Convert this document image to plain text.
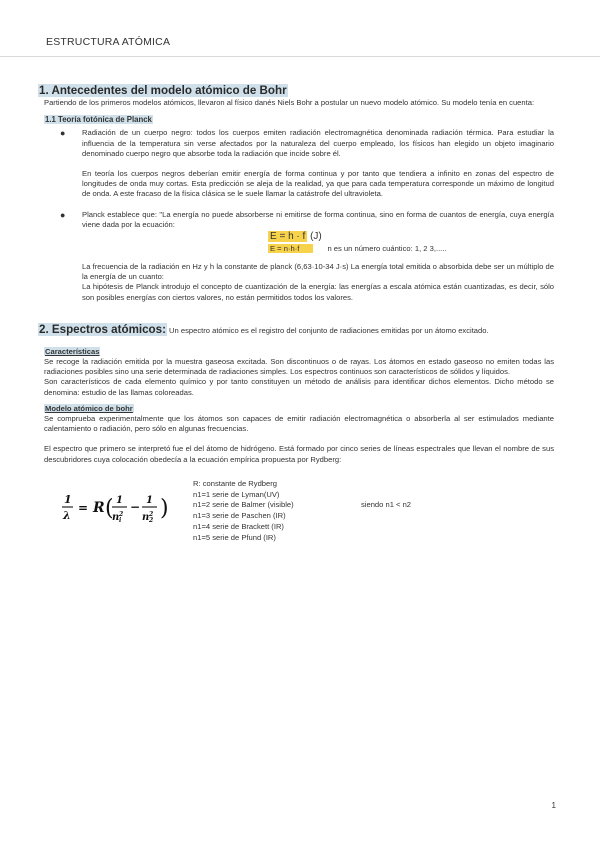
ESTRUCTURA ATÓMICA
1. Antecedentes del modelo atómico de Bohr

Partiendo de los primeros modelos atómicos, llevaron al físico danés Niels Bohr a postular un nuevo modelo atómico. Su modelo tenía en cuenta:

1.1 Teoría fotónica de Planck
● Radiación de un cuerpo negro: todos los cuerpos emiten radiación electromagnética denominada radiación térmica. Para estudiar la influencia de la temperatura sin verse afectados por la naturaleza del cuerpo empleado, los físicos han elegido un objeto imaginario denominado cuerpo negro que absorbe toda la radiación que incide sobre él.

En teoría los cuerpos negros deberían emitir energía de forma continua y por tanto que tendiera a infinito en zonas del espectro de longitudes de onda muy cortas. Esta predicción se aleja de la realidad, ya que para cada temperatura corresponde un máximo de longitud de onda. A este fracaso de la física clásica se le suele llamar la catástrofe del ultravioleta.

● Planck establece que: "La energía no puede absorberse ni emitirse de forma continua, sino en forma de cuantos de energía, cuya energía viene dada por la ecuación:

E = h · f (J)
E = n·h·f	n es un número cuántico: 1, 2 3,.....

La frecuencia de la radiación en Hz y h la constante de planck (6,63·10-34 J·s) La energía total emitida o absorbida debe ser un múltiplo de la energía de un cuanto:

La hipótesis de Planck introdujo el concepto de cuantización de la energía: las energías a escala atómica están cuantizadas, es decir, sólo son posibles energías con ciertos valores, no están permitidos todos los valores.

2. Espectros atómicos: Un espectro atómico es el registro del conjunto de radiaciones emitidas por un átomo excitado.

Características

Se recoge la radiación emitida por la muestra gaseosa excitada. Son discontinuos o de rayas. Los átomos en estado gaseoso no emiten todas las radiaciones posibles sino una serie determinada de radiaciones simples. Los espectros continuos son característicos de sólidos y líquidos.

Son característicos de cada elemento químico y por tanto constituyen un método de análisis para identificar dichos elementos. Dicho método se denomina: estudio de las llamas coloreadas.

Modelo atómico de bohr

Se comprueba experimentalmente que los átomos son capaces de emitir radiación electromagnética o absorberla al ser estimulados mediante calentamiento o radiación, pero sólo en algunas frecuencias.

El espectro que primero se interpretó fue el del átomo de hidrógeno. Está formado por cinco series de líneas espectrales que llevan el nombre de sus descubridores cuya colocación obedecía a la ecuación empírica propuesta por Rydberg:

1
λ
= R ( 1
n 2
i
− 1
n 2
2 )
R: constante de Rydberg
n1=1 serie de Lyman(UV)
n1=2 serie de Balmer (visible)
n1=3 serie de Paschen (IR)
n1=4 serie de Brackett (IR)
n1=5 serie de Pfund (IR)
siendo n1 < n2
1
